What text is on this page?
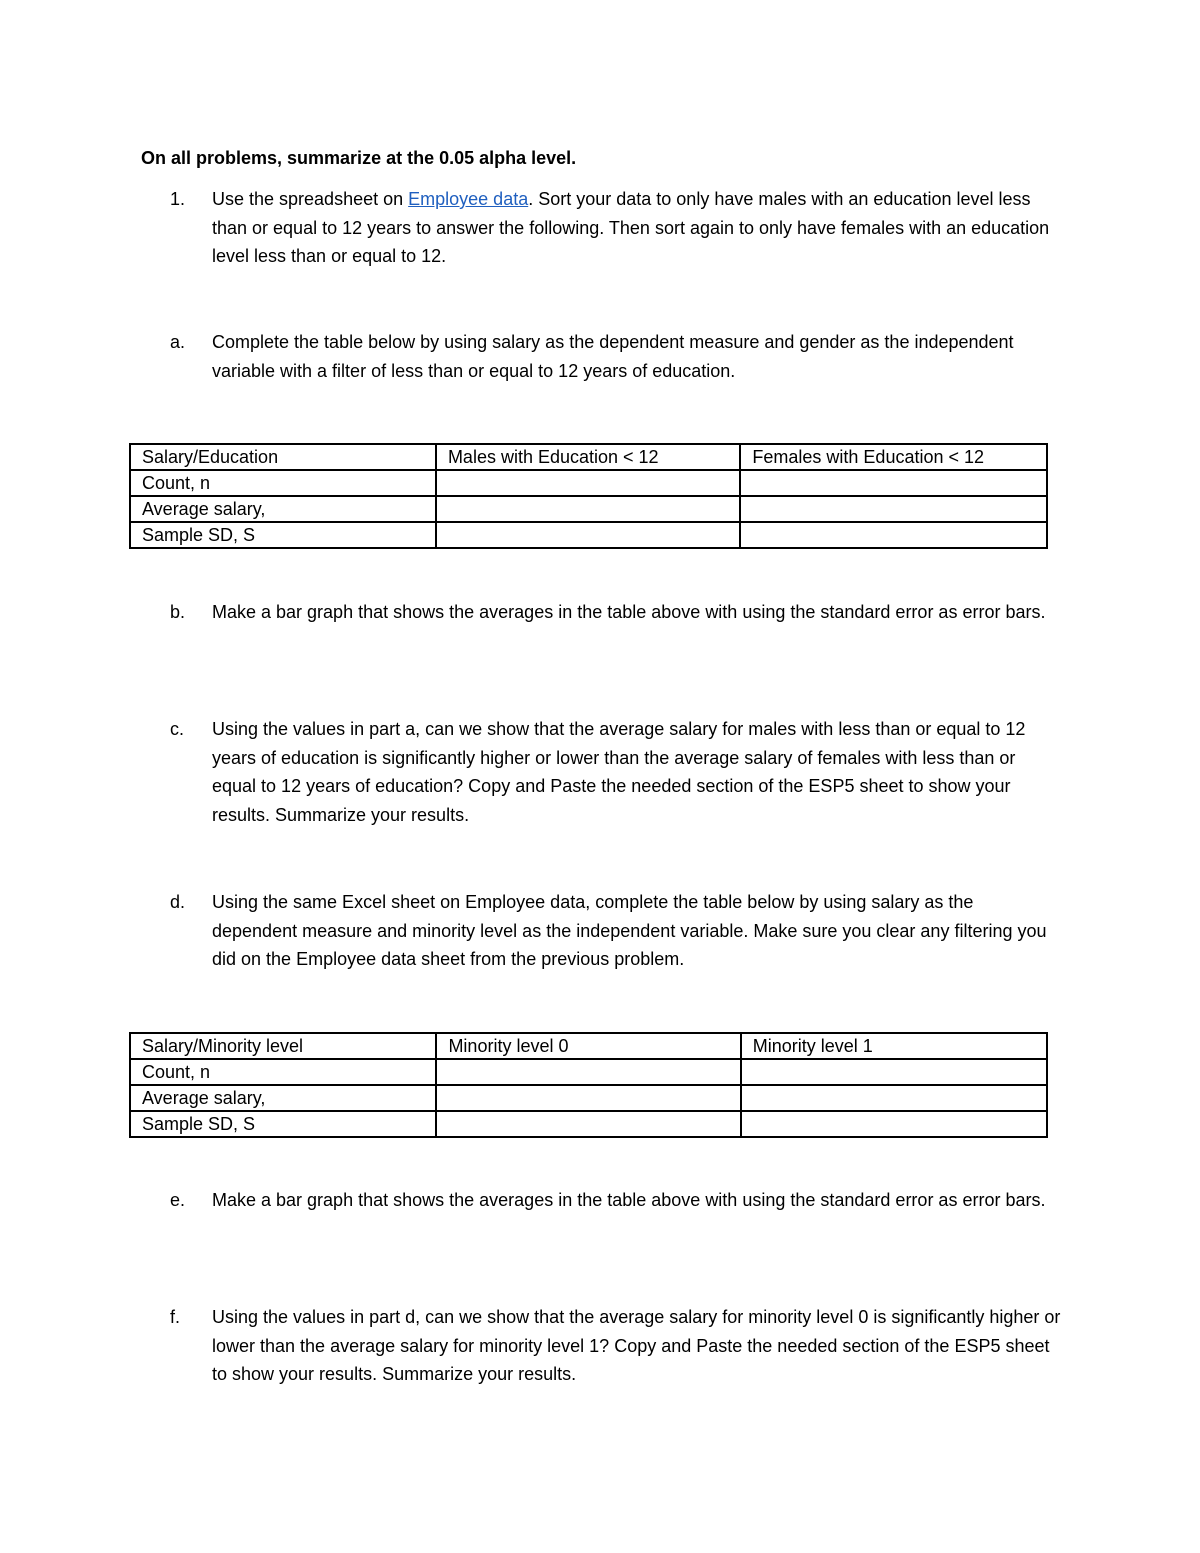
On all problems, summarize at the 0.05 alpha level.
1. Use the spreadsheet on Employee data. Sort your data to only have males with an education level less than or equal to 12 years to answer the following. Then sort again to only have females with an education level less than or equal to 12.
a. Complete the table below by using salary as the dependent measure and gender as the independent variable with a filter of less than or equal to 12 years of education.
Salary/Education	Males with Education < 12	Females with Education < 12
Count, n		
Average salary,		
Sample SD, S		
b. Make a bar graph that shows the averages in the table above with using the standard error as error bars.
c. Using the values in part a, can we show that the average salary for males with less than or equal to 12 years of education is significantly higher or lower than the average salary of females with less than or equal to 12 years of education? Copy and Paste the needed section of the ESP5 sheet to show your results. Summarize your results.
d. Using the same Excel sheet on Employee data, complete the table below by using salary as the dependent measure and minority level as the independent variable. Make sure you clear any filtering you did on the Employee data sheet from the previous problem.
Salary/Minority level	Minority level 0	Minority level 1
Count, n		
Average salary,		
Sample SD, S		
e. Make a bar graph that shows the averages in the table above with using the standard error as error bars.
f. Using the values in part d, can we show that the average salary for minority level 0 is significantly higher or lower than the average salary for minority level 1? Copy and Paste the needed section of the ESP5 sheet to show your results. Summarize your results.
